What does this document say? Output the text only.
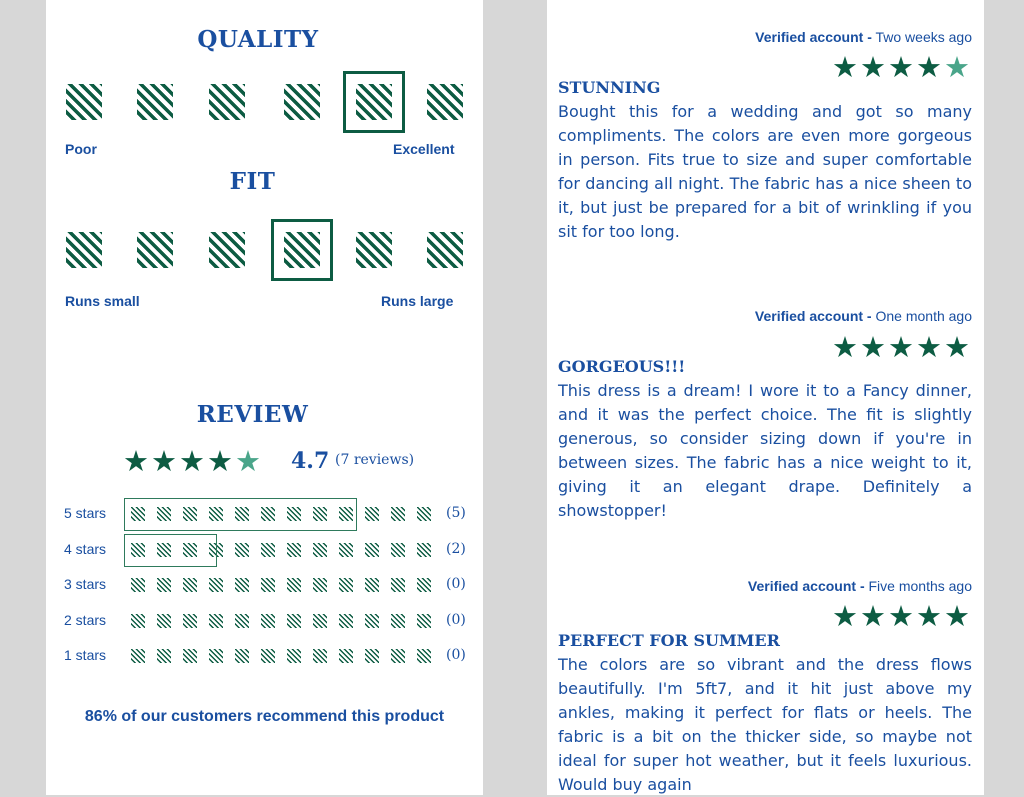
QUALITY
Poor	Excellent
FIT
Runs small	Runs large
REVIEW
★★★★★ 4.7 (7 reviews)
5 stars	(5)
4 stars	(2)
3 stars	(0)
2 stars	(0)
1 stars	(0)
86% of our customers recommend this product
Verified account - Two weeks ago
★★★★★
STUNNING
Bought this for a wedding and got so many compliments. The colors are even more gorgeous in person. Fits true to size and super comfortable for dancing all night. The fabric has a nice sheen to it, but just be prepared for a bit of wrinkling if you sit for too long.
Verified account - One month ago
★★★★★
GORGEOUS!!!
This dress is a dream! I wore it to a Fancy dinner, and it was the perfect choice. The fit is slightly generous, so consider sizing down if you're in between sizes. The fabric has a nice weight to it, giving it an elegant drape. Definitely a showstopper!
Verified account - Five months ago
★★★★★
PERFECT FOR SUMMER
The colors are so vibrant and the dress flows beautifully. I'm 5ft7, and it hit just above my ankles, making it perfect for flats or heels. The fabric is a bit on the thicker side, so maybe not ideal for super hot weather, but it feels luxurious. Would buy again
